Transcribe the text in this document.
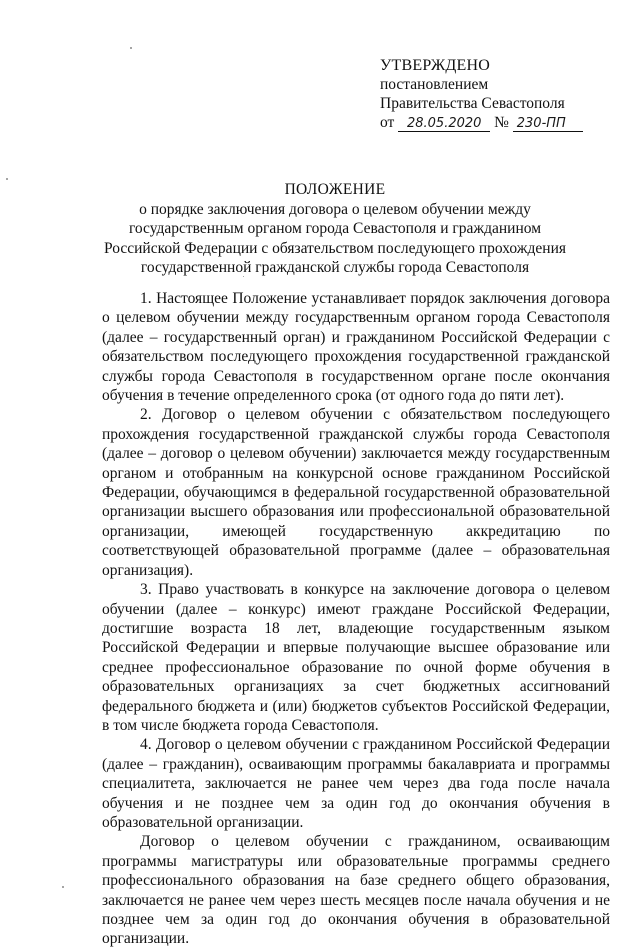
УТВЕРЖДЕНО
постановлением
Правительства Севастополя
от 28.05.2020 № 230-ПП
ПОЛОЖЕНИЕ
о порядке заключения договора о целевом обучении между
государственным органом города Севастополя и гражданином
Российской Федерации с обязательством последующего прохождения
государственной гражданской службы города Севастополя

1. Настоящее Положение устанавливает порядок заключения договора о целевом обучении между государственным органом города Севастополя (далее – государственный орган) и гражданином Российской Федерации с обязательством последующего прохождения государственной гражданской службы города Севастополя в государственном органе после окончания обучения в течение определенного срока (от одного года до пяти лет).

2. Договор о целевом обучении с обязательством последующего прохождения государственной гражданской службы города Севастополя (далее – договор о целевом обучении) заключается между государственным органом и отобранным на конкурсной основе гражданином Российской Федерации, обучающимся в федеральной государственной образовательной организации высшего образования или профессиональной образовательной организации, имеющей государственную аккредитацию по соответствующей образовательной программе (далее – образовательная организация).

3. Право участвовать в конкурсе на заключение договора о целевом обучении (далее – конкурс) имеют граждане Российской Федерации, достигшие возраста 18 лет, владеющие государственным языком Российской Федерации и впервые получающие высшее образование или среднее профессиональное образование по очной форме обучения в образовательных организациях за счет бюджетных ассигнований федерального бюджета и (или) бюджетов субъектов Российской Федерации, в том числе бюджета города Севастополя.

4. Договор о целевом обучении с гражданином Российской Федерации (далее – гражданин), осваивающим программы бакалавриата и программы специалитета, заключается не ранее чем через два года после начала обучения и не позднее чем за один год до окончания обучения в образовательной организации.

Договор о целевом обучении с гражданином, осваивающим программы магистратуры или образовательные программы среднего профессионального образования на базе среднего общего образования, заключается не ранее чем через шесть месяцев после начала обучения и не позднее чем за один год до окончания обучения в образовательной организации.
